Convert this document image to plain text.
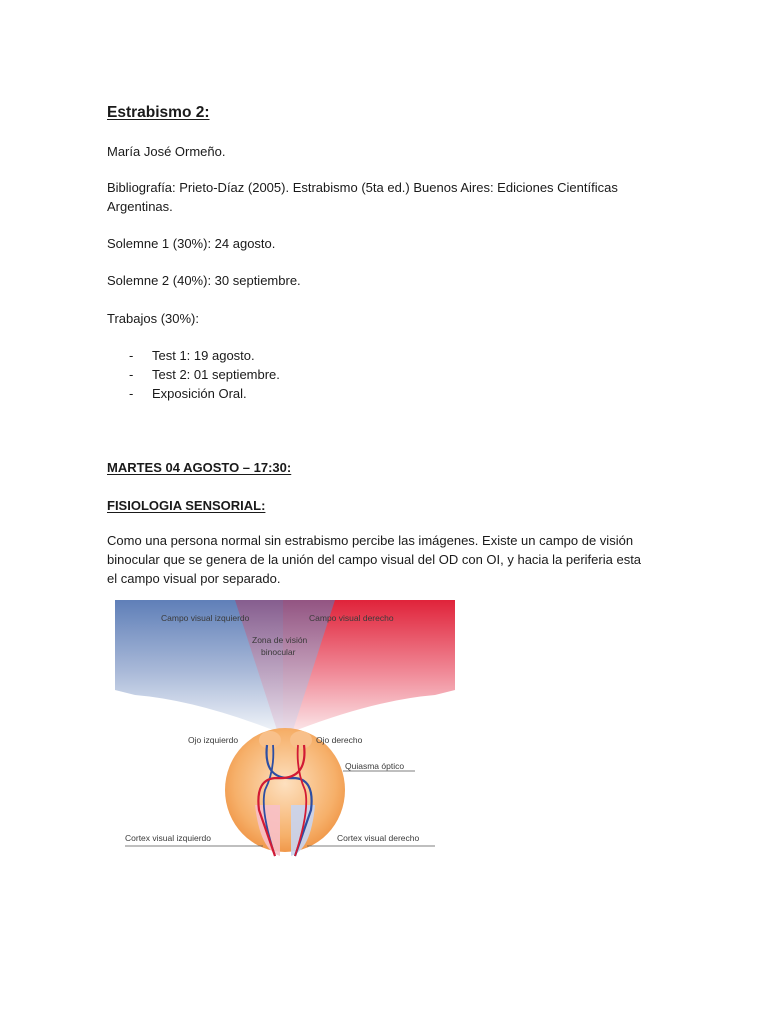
Estrabismo 2:
María José Ormeño.
Bibliografía: Prieto-Díaz (2005). Estrabismo (5ta ed.) Buenos Aires: Ediciones Científicas Argentinas.
Solemne 1 (30%): 24 agosto.
Solemne 2 (40%): 30 septiembre.
Trabajos (30%):
- Test 1: 19 agosto.
- Test 2: 01 septiembre.
- Exposición Oral.
MARTES 04 AGOSTO – 17:30:
FISIOLOGIA SENSORIAL:
Como una persona normal sin estrabismo percibe las imágenes. Existe un campo de visión binocular que se genera de la unión del campo visual del OD con OI, y hacia la periferia esta el campo visual por separado.
Campo visual izquierdo	Campo visual derecho
Zona de visión
binocular
Ojo izquierdo	Ojo derecho
Quiasma óptico
Cortex visual izquierdo	Cortex visual derecho
